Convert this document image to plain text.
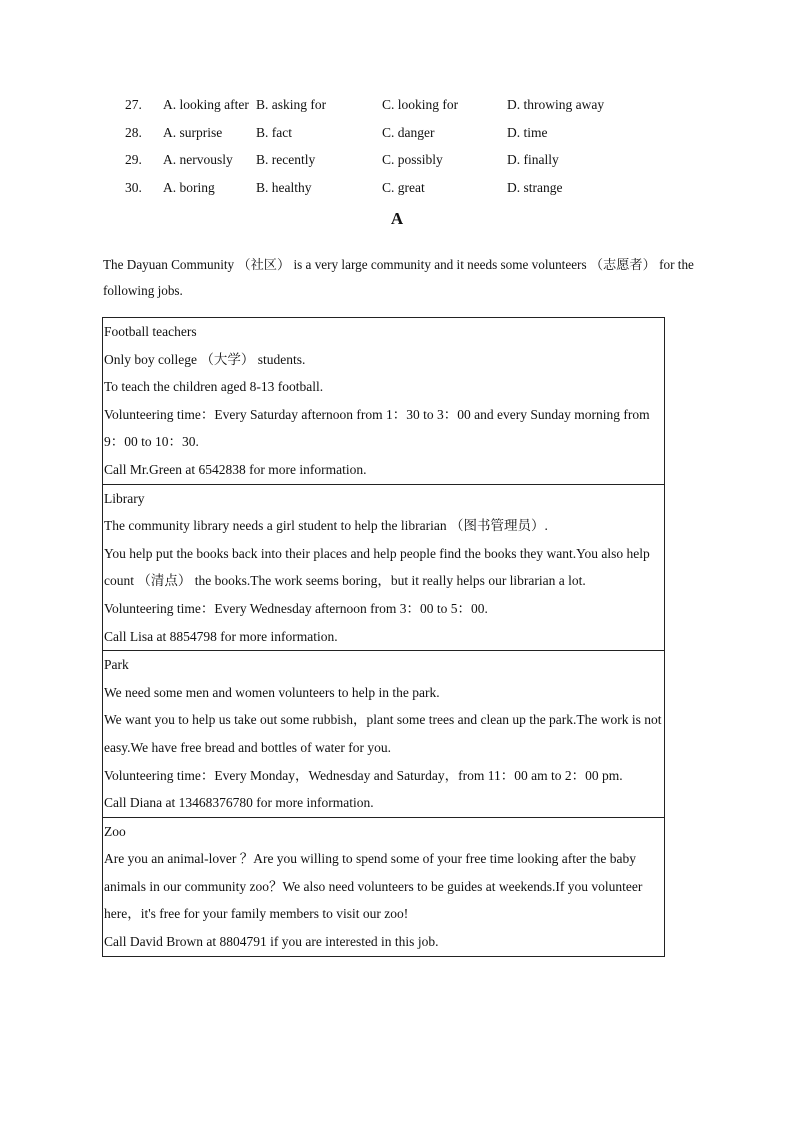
27. A. looking after B. asking for	C. looking for	D. throwing away
28. A. surprise	B. fact	C. danger	D. time
29. A. nervously B. recently	C. possibly	D. finally
30. A. boring	B. healthy	C. great	D. strange
A

The Dayuan Community （社区） is a very large community and it needs some volunteers （志愿者） for the following jobs.

Football teachers

Only boy college （大学） students.

To teach the children aged 8-13 football.

Volunteering time：Every Saturday afternoon from 1：30 to 3：00 and every Sunday morning from 9：00 to 10：30.

Call Mr.Green at 6542838 for more information.

Library

The community library needs a girl student to help the librarian （图书管理员）.

You help put the books back into their places and help people find the books they want.You also help count （清点） the books.The work seems boring，but it really helps our librarian a lot.

Volunteering time：Every Wednesday afternoon from 3：00 to 5：00.

Call Lisa at 8854798 for more information.

Park

We need some men and women volunteers to help in the park.

We want you to help us take out some rubbish，plant some trees and clean up the park.The work is not easy.We have free bread and bottles of water for you.

Volunteering time：Every Monday，Wednesday and Saturday，from 11：00 am to 2：00 pm.

Call Diana at 13468376780 for more information.

Zoo

Are you an animal-lover ？Are you willing to spend some of your free time looking after the baby animals in our community zoo？We also need volunteers to be guides at weekends.If you volunteer here，it's free for your family members to visit our zoo!

Call David Brown at 8804791 if you are interested in this job.
